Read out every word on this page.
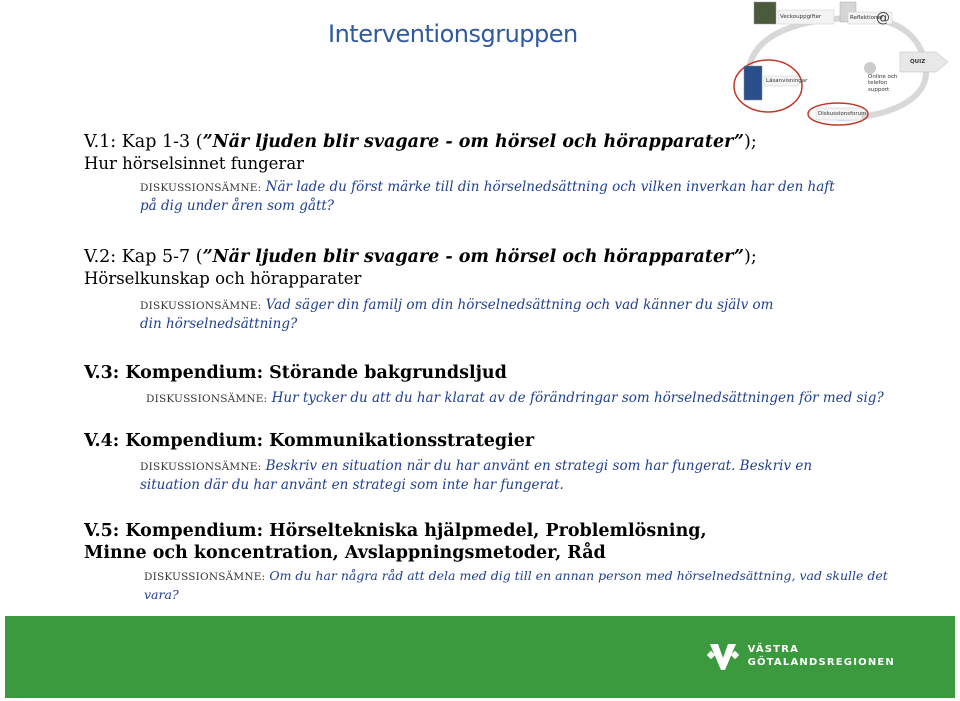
Interventionsgruppen
@
Veckouppgifter	Reflektioner
Läsanvisningar
QUIZ
Online och telefon support
Diskussionsforum
V.1: Kap 1-3 (”När ljuden blir svagare - om hörsel och hörapparater”);
Hur hörselsinnet fungerar
DISKUSSIONSÄMNE: När lade du först märke till din hörselnedsättning och vilken inverkan har den haft på dig under åren som gått?
V.2: Kap 5-7 (”När ljuden blir svagare - om hörsel och hörapparater”);
Hörselkunskap och hörapparater
DISKUSSIONSÄMNE: Vad säger din familj om din hörselnedsättning och vad känner du själv om din hörselnedsättning?
V.3: Kompendium: Störande bakgrundsljud
DISKUSSIONSÄMNE: Hur tycker du att du har klarat av de förändringar som hörselnedsättningen för med sig?
V.4: Kompendium: Kommunikationsstrategier
DISKUSSIONSÄMNE: Beskriv en situation när du har använt en strategi som har fungerat. Beskriv en situation där du har använt en strategi som inte har fungerat.
V.5: Kompendium: Hörseltekniska hjälpmedel, Problemlösning,
Minne och koncentration, Avslappningsmetoder, Råd
DISKUSSIONSÄMNE: Om du har några råd att dela med dig till en annan person med hörselnedsättning, vad skulle det vara?
VÄSTRA
GÖTALANDSREGIONEN
